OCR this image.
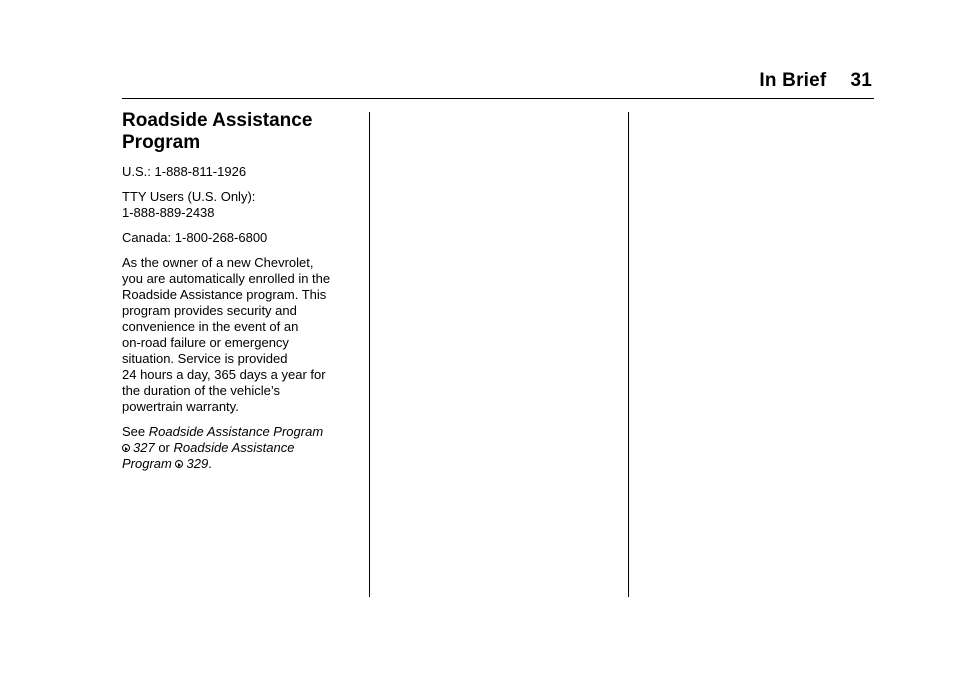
In Brief 31
Roadside Assistance
Program

U.S.: 1-888-811-1926

TTY Users (U.S. Only):
1-888-889-2438

Canada: 1-800-268-6800

As the owner of a new Chevrolet,
you are automatically enrolled in the
Roadside Assistance program. This
program provides security and
convenience in the event of an
on-road failure or emergency
situation. Service is provided
24 hours a day, 365 days a year for
the duration of the vehicle’s
powertrain warranty.

See Roadside Assistance Program
327 or Roadside Assistance
Program 329.
